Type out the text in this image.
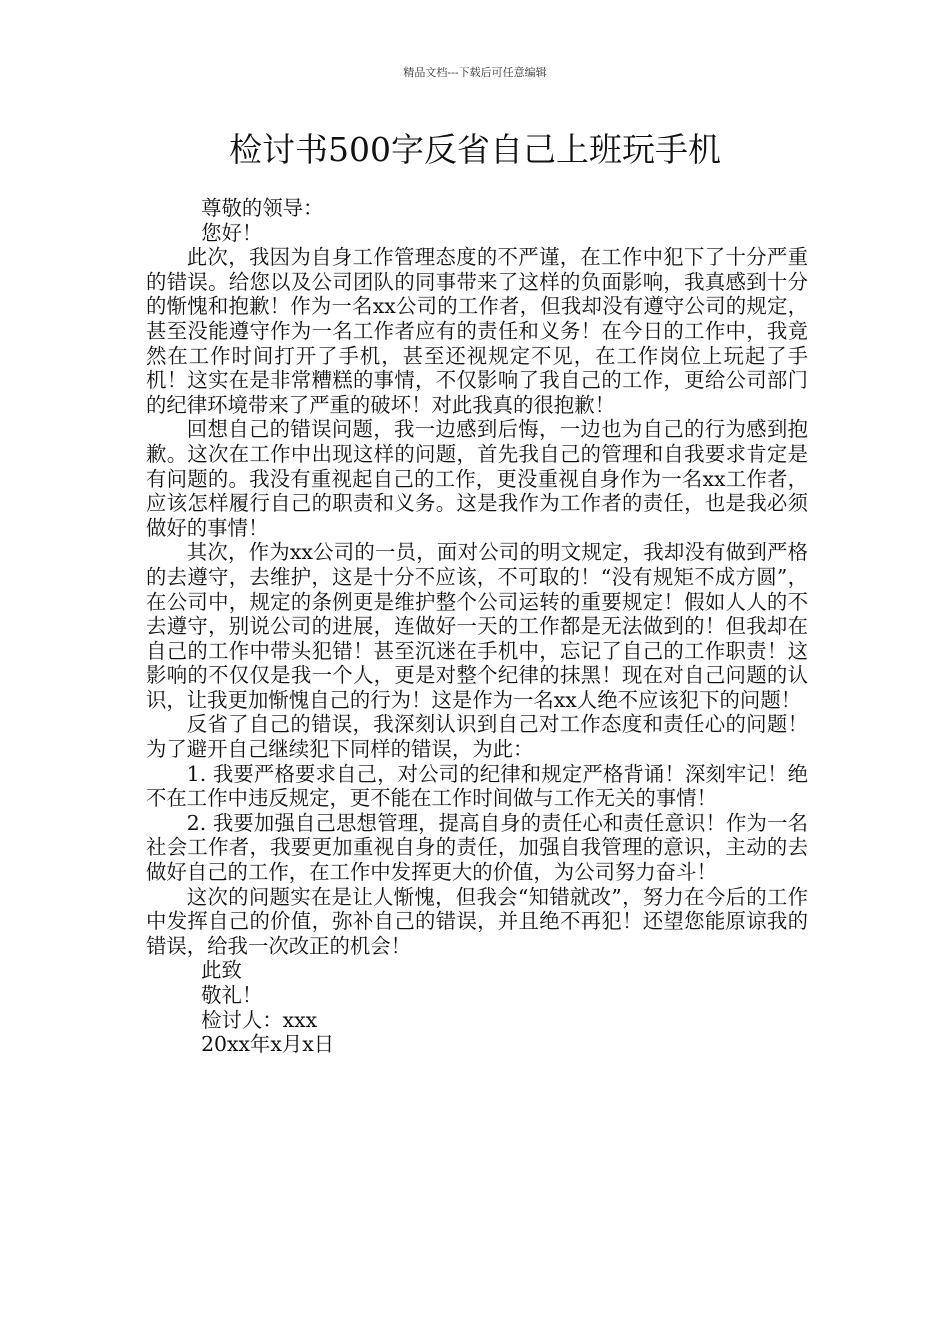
精品文档---下载后可任意编辑
检讨书500字反省自己上班玩手机

尊敬的领导：

您好！

此次，我因为自身工作管理态度的不严谨，在工作中犯下了十分严重的错误。给您以及公司团队的同事带来了这样的负面影响，我真感到十分的惭愧和抱歉！作为一名xx公司的工作者，但我却没有遵守公司的规定，甚至没能遵守作为一名工作者应有的责任和义务！在今日的工作中，我竟然在工作时间打开了手机，甚至还视规定不见，在工作岗位上玩起了手机！这实在是非常糟糕的事情，不仅影响了我自己的工作，更给公司部门的纪律环境带来了严重的破坏！对此我真的很抱歉！

回想自己的错误问题，我一边感到后悔，一边也为自己的行为感到抱歉。这次在工作中出现这样的问题，首先我自己的管理和自我要求肯定是有问题的。我没有重视起自己的工作，更没重视自身作为一名xx工作者，应该怎样履行自己的职责和义务。这是我作为工作者的责任，也是我必须做好的事情！

其次，作为xx公司的一员，面对公司的明文规定，我却没有做到严格的去遵守，去维护，这是十分不应该，不可取的！“没有规矩不成方圆”，在公司中，规定的条例更是维护整个公司运转的重要规定！假如人人的不去遵守，别说公司的进展，连做好一天的工作都是无法做到的！但我却在自己的工作中带头犯错！甚至沉迷在手机中，忘记了自己的工作职责！这影响的不仅仅是我一个人，更是对整个纪律的抹黑！现在对自己问题的认识，让我更加惭愧自己的行为！这是作为一名xx人绝不应该犯下的问题！

反省了自己的错误，我深刻认识到自己对工作态度和责任心的问题！为了避开自己继续犯下同样的错误，为此：

1. 我要严格要求自己，对公司的纪律和规定严格背诵！深刻牢记！绝不在工作中违反规定，更不能在工作时间做与工作无关的事情！

2. 我要加强自己思想管理，提高自身的责任心和责任意识！作为一名社会工作者，我要更加重视自身的责任，加强自我管理的意识，主动的去做好自己的工作，在工作中发挥更大的价值，为公司努力奋斗！

这次的问题实在是让人惭愧，但我会“知错就改”，努力在今后的工作中发挥自己的价值，弥补自己的错误，并且绝不再犯！还望您能原谅我的错误，给我一次改正的机会！

此致

敬礼！

检讨人：xxx

20xx年x月x日
